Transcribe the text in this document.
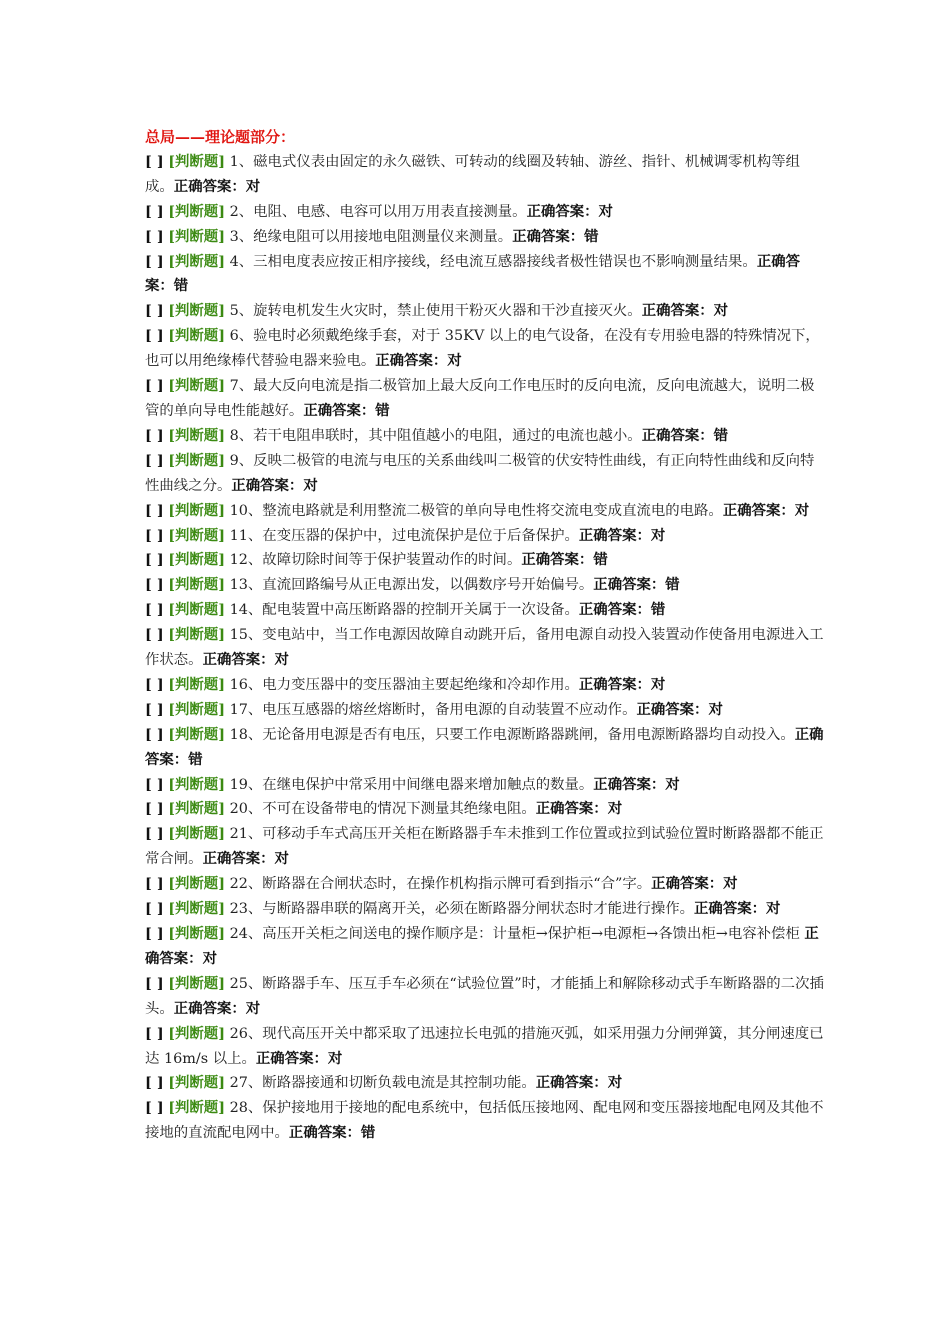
总局——理论题部分：

[ ] [判断题] 1、磁电式仪表由固定的永久磁铁、可转动的线圈及转轴、游丝、指针、机械调零机构等组成。正确答案：对

[ ] [判断题] 2、电阻、电感、电容可以用万用表直接测量。正确答案：对

[ ] [判断题] 3、绝缘电阻可以用接地电阻测量仪来测量。正确答案：错

[ ] [判断题] 4、三相电度表应按正相序接线，经电流互感器接线者极性错误也不影响测量结果。正确答案：错

[ ] [判断题] 5、旋转电机发生火灾时，禁止使用干粉灭火器和干沙直接灭火。正确答案：对

[ ] [判断题] 6、验电时必须戴绝缘手套，对于 35KV 以上的电气设备，在没有专用验电器的特殊情况下，也可以用绝缘棒代替验电器来验电。正确答案：对

[ ] [判断题] 7、最大反向电流是指二极管加上最大反向工作电压时的反向电流，反向电流越大，说明二极管的单向导电性能越好。正确答案：错

[ ] [判断题] 8、若干电阻串联时，其中阻值越小的电阻，通过的电流也越小。正确答案：错

[ ] [判断题] 9、反映二极管的电流与电压的关系曲线叫二极管的伏安特性曲线，有正向特性曲线和反向特性曲线之分。正确答案：对

[ ] [判断题] 10、整流电路就是利用整流二极管的单向导电性将交流电变成直流电的电路。正确答案：对

[ ] [判断题] 11、在变压器的保护中，过电流保护是位于后备保护。正确答案：对

[ ] [判断题] 12、故障切除时间等于保护装置动作的时间。正确答案：错

[ ] [判断题] 13、直流回路编号从正电源出发，以偶数序号开始偏号。正确答案：错

[ ] [判断题] 14、配电装置中高压断路器的控制开关属于一次设备。正确答案：错

[ ] [判断题] 15、变电站中，当工作电源因故障自动跳开后，备用电源自动投入装置动作使备用电源进入工作状态。正确答案：对

[ ] [判断题] 16、电力变压器中的变压器油主要起绝缘和冷却作用。正确答案：对

[ ] [判断题] 17、电压互感器的熔丝熔断时，备用电源的自动装置不应动作。正确答案：对

[ ] [判断题] 18、无论备用电源是否有电压，只要工作电源断路器跳闸，备用电源断路器均自动投入。正确答案：错

[ ] [判断题] 19、在继电保护中常采用中间继电器来增加触点的数量。正确答案：对

[ ] [判断题] 20、不可在设备带电的情况下测量其绝缘电阻。正确答案：对

[ ] [判断题] 21、可移动手车式高压开关柜在断路器手车未推到工作位置或拉到试验位置时断路器都不能正常合闸。正确答案：对

[ ] [判断题] 22、断路器在合闸状态时，在操作机构指示牌可看到指示“合”字。正确答案：对

[ ] [判断题] 23、与断路器串联的隔离开关，必须在断路器分闸状态时才能进行操作。正确答案：对

[ ] [判断题] 24、高压开关柜之间送电的操作顺序是：计量柜→保护柜→电源柜→各馈出柜→电容补偿柜 正确答案：对

[ ] [判断题] 25、断路器手车、压互手车必须在“试验位置”时，才能插上和解除移动式手车断路器的二次插头。正确答案：对

[ ] [判断题] 26、现代高压开关中都采取了迅速拉长电弧的措施灭弧，如采用强力分闸弹簧，其分闸速度已达 16m/s 以上。正确答案：对

[ ] [判断题] 27、断路器接通和切断负载电流是其控制功能。正确答案：对

[ ] [判断题] 28、保护接地用于接地的配电系统中，包括低压接地网、配电网和变压器接地配电网及其他不接地的直流配电网中。正确答案：错
